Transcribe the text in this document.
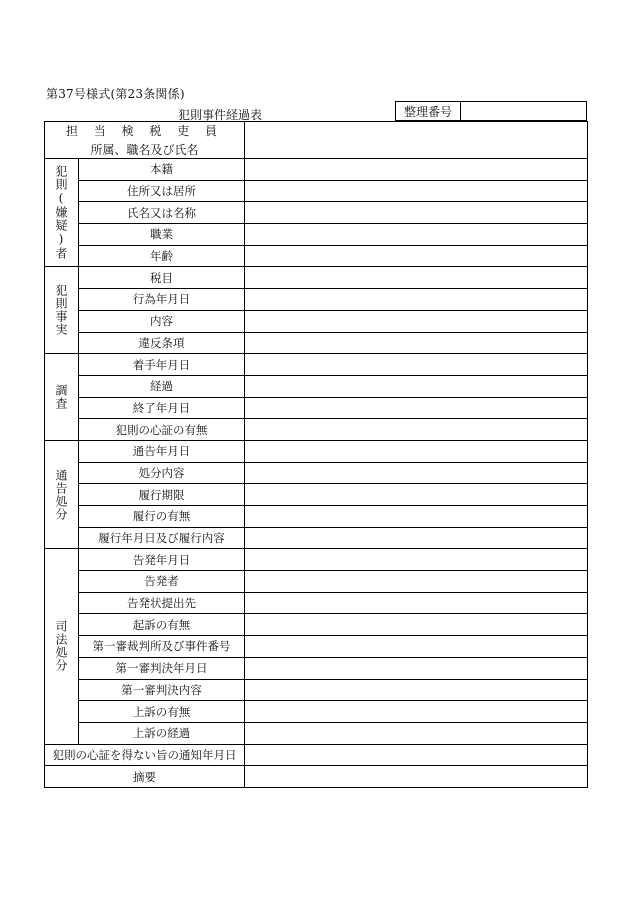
第37号様式(第23条関係)
犯則事件経過表	整理番号
担 当 検 税 吏 員
所属、職名及び氏名		

犯則(嫌疑)者	本籍	
	住所又は居所	
	氏名又は名称	
	職業	
	年齢	

犯則事実	税目	
	行為年月日	
	内容	
	違反条項	

調査	着手年月日	
	経過	
	終了年月日	
	犯則の心証の有無	

通告処分	通告年月日	
	処分内容	
	履行期限	
	履行の有無	
	履行年月日及び履行内容	

司法処分	告発年月日	
	告発者	
	告発状提出先	
	起訴の有無	
	第一審裁判所及び事件番号	
	第一審判決年月日	
	第一審判決内容	
	上訴の有無	
	上訴の経過	
犯則の心証を得ない旨の通知年月日		
摘要		
